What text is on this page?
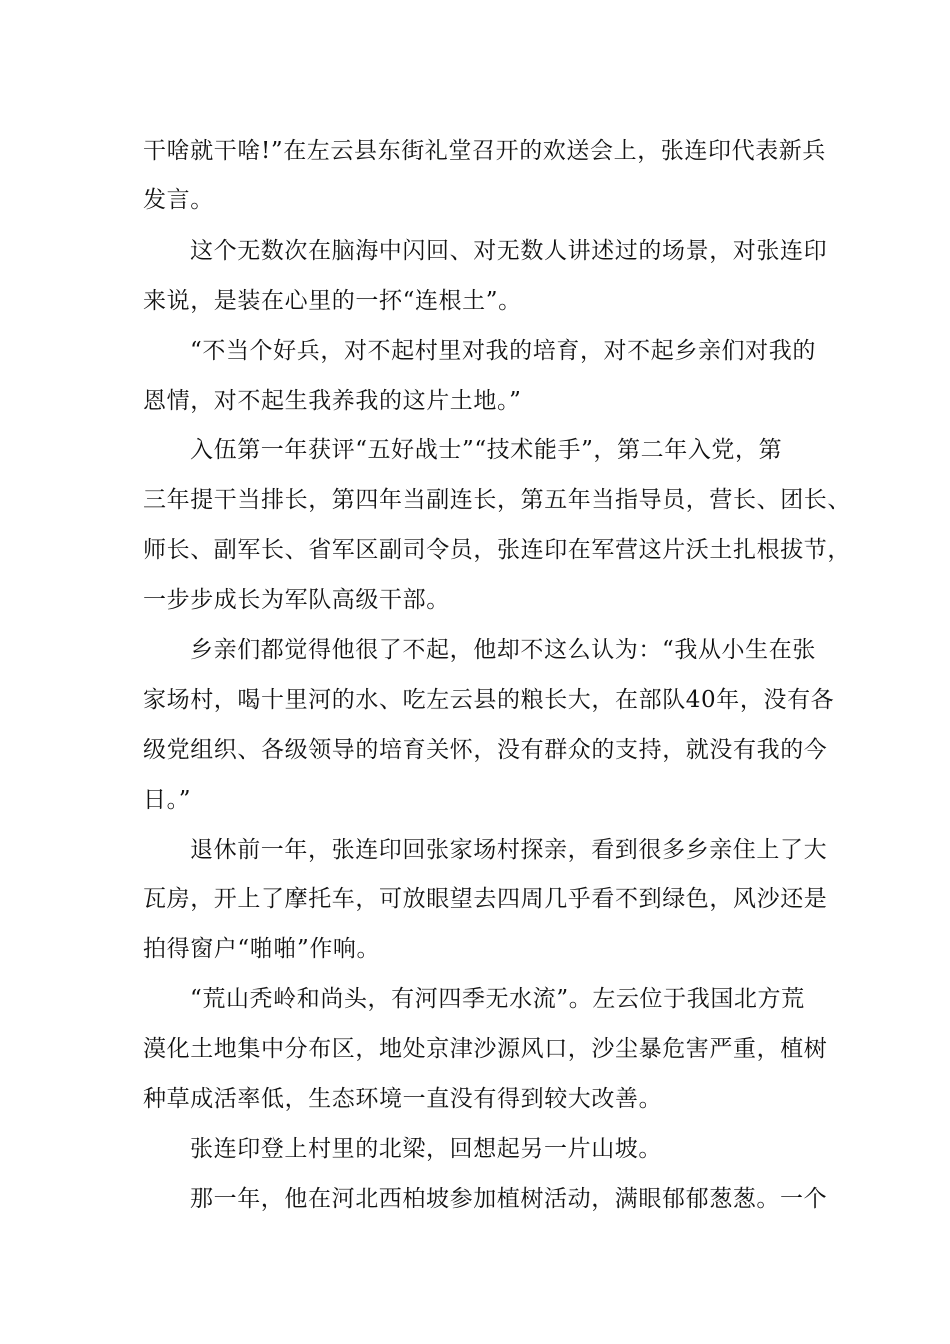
干啥就干啥!”在左云县东街礼堂召开的欢送会上，张连印代表新兵
发言。
这个无数次在脑海中闪回、对无数人讲述过的场景，对张连印
来说，是装在心里的一抔“连根土”。
“不当个好兵，对不起村里对我的培育，对不起乡亲们对我的
恩情，对不起生我养我的这片土地。”
入伍第一年获评“五好战士”“技术能手”，第二年入党，第
三年提干当排长，第四年当副连长，第五年当指导员，营长、团长、
师长、副军长、省军区副司令员，张连印在军营这片沃土扎根拔节，
一步步成长为军队高级干部。
乡亲们都觉得他很了不起，他却不这么认为：“我从小生在张
家场村，喝十里河的水、吃左云县的粮长大，在部队40年，没有各
级党组织、各级领导的培育关怀，没有群众的支持，就没有我的今
日。”
退休前一年，张连印回张家场村探亲，看到很多乡亲住上了大
瓦房，开上了摩托车，可放眼望去四周几乎看不到绿色，风沙还是
拍得窗户“啪啪”作响。
“荒山秃岭和尚头，有河四季无水流”。左云位于我国北方荒
漠化土地集中分布区，地处京津沙源风口，沙尘暴危害严重，植树
种草成活率低，生态环境一直没有得到较大改善。
张连印登上村里的北梁，回想起另一片山坡。
那一年，他在河北西柏坡参加植树活动，满眼郁郁葱葱。一个
